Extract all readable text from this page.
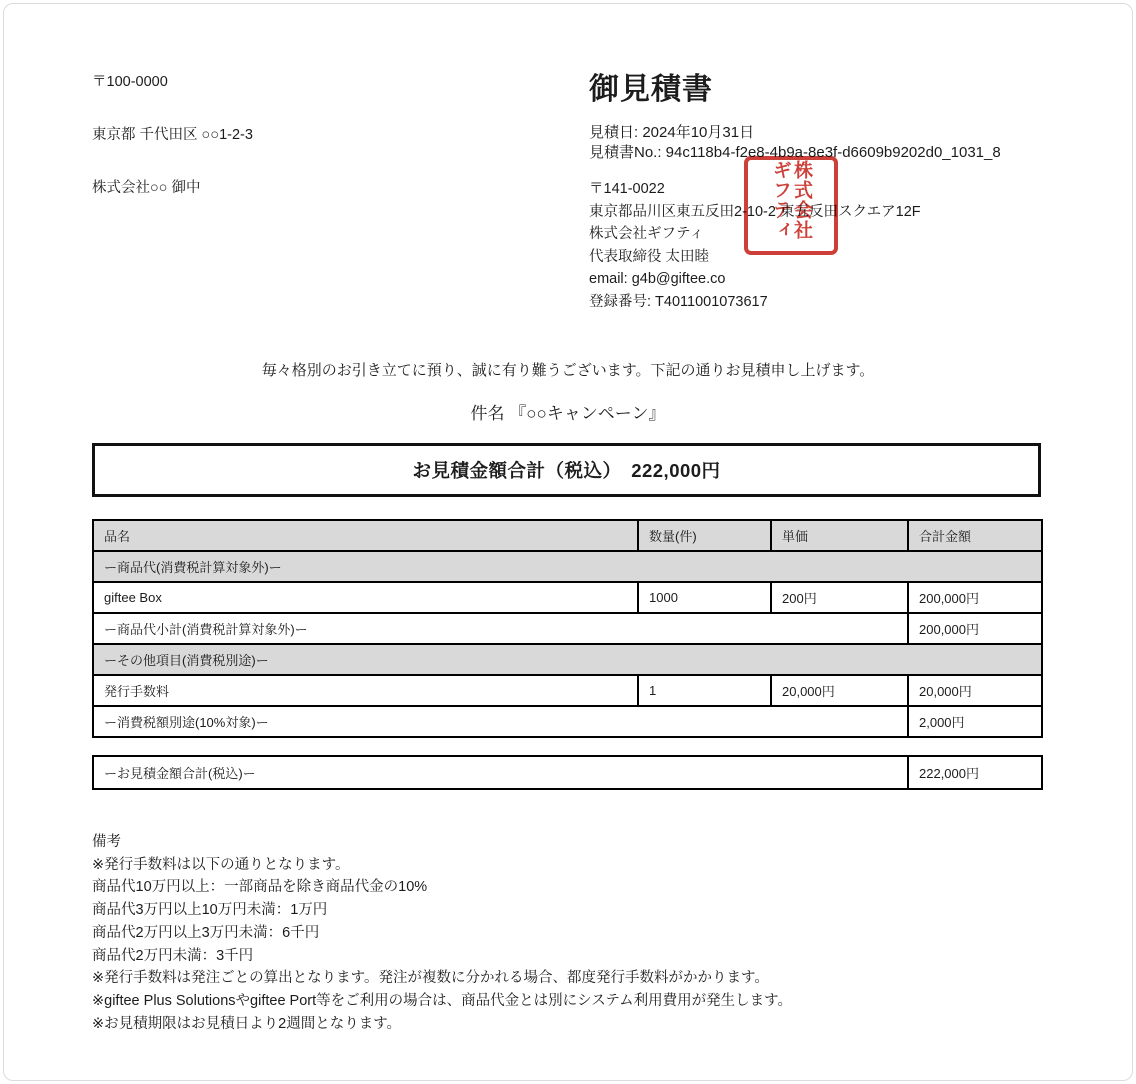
〒100-0000
東京都 千代田区 ○○1-2-3
株式会社○○ 御中
御見積書
見積日: 2024年10月31日
見積書No.: 94c118b4-f2e8-4b9a-8e3f-d6609b9202d0_1031_8
〒141-0022
東京都品川区東五反田2-10-2 東五反田スクエア12F
株式会社ギフティ
代表取締役 太田睦
email: g4b@giftee.co
登録番号: T4011001073617
株式会社ギフティ
毎々格別のお引き立てに預り、誠に有り難うございます。下記の通りお見積申し上げます。
件名 『○○キャンペーン』
お見積金額合計（税込）　222,000円
品名	数量(件)	単価	合計金額
ー商品代(消費税計算対象外)ー			
giftee Box	1000	200円	200,000円
ー商品代小計(消費税計算対象外)ー			200,000円
ーその他項目(消費税別途)ー			
発行手数料	1	20,000円	20,000円
ー消費税額別途(10%対象)ー			2,000円
ーお見積金額合計(税込)ー	222,000円
備考
※発行手数料は以下の通りとなります。
商品代10万円以上：一部商品を除き商品代金の10%
商品代3万円以上10万円未満：1万円
商品代2万円以上3万円未満：6千円
商品代2万円未満：3千円
※発行手数料は発注ごとの算出となります。発注が複数に分かれる場合、都度発行手数料がかかります。
※giftee Plus Solutionsやgiftee Port等をご利用の場合は、商品代金とは別にシステム利用費用が発生します。
※お見積期限はお見積日より2週間となります。
